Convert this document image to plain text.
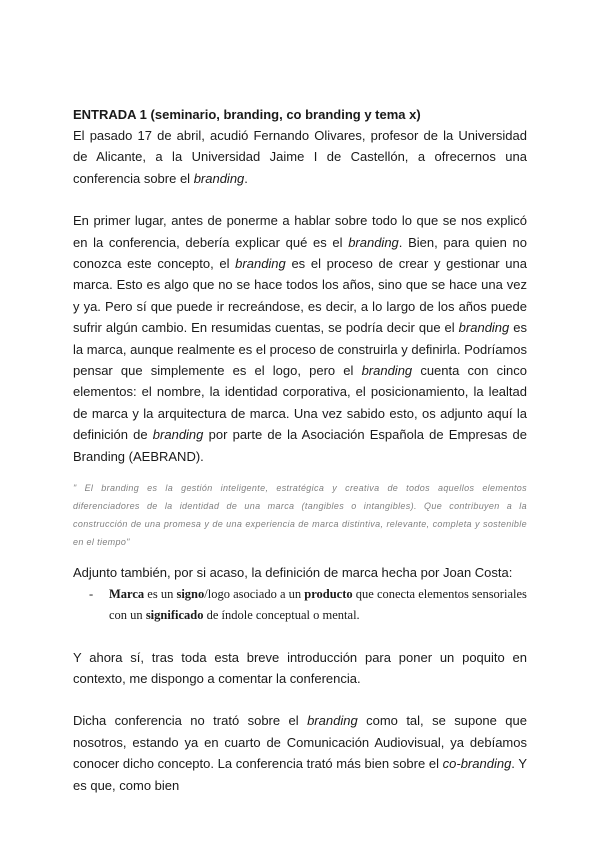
ENTRADA 1 (seminario, branding, co branding y tema x)

El pasado 17 de abril, acudió Fernando Olivares, profesor de la Universidad de Alicante, a la Universidad Jaime I de Castellón, a ofrecernos una conferencia sobre el branding.

En primer lugar, antes de ponerme a hablar sobre todo lo que se nos explicó en la conferencia, debería explicar qué es el branding. Bien, para quien no conozca este concepto, el branding es el proceso de crear y gestionar una marca. Esto es algo que no se hace todos los años, sino que se hace una vez y ya. Pero sí que puede ir recreándose, es decir, a lo largo de los años puede sufrir algún cambio. En resumidas cuentas, se podría decir que el branding es la marca, aunque realmente es el proceso de construirla y definirla. Podríamos pensar que simplemente es el logo, pero el branding cuenta con cinco elementos: el nombre, la identidad corporativa, el posicionamiento, la lealtad de marca y la arquitectura de marca. Una vez sabido esto, os adjunto aquí la definición de branding por parte de la Asociación Española de Empresas de Branding (AEBRAND).

" El branding es la gestión inteligente, estratégica y creativa de todos aquellos elementos diferenciadores de la identidad de una marca (tangibles o intangibles). Que contribuyen a la construcción de una promesa y de una experiencia de marca distintiva, relevante, completa y sostenible en el tiempo"

Adjunto también, por si acaso, la definición de marca hecha por Joan Costa:

- Marca es un signo/logo asociado a un producto que conecta elementos sensoriales con un significado de índole conceptual o mental.

Y ahora sí, tras toda esta breve introducción para poner un poquito en contexto, me dispongo a comentar la conferencia.

Dicha conferencia no trató sobre el branding como tal, se supone que nosotros, estando ya en cuarto de Comunicación Audiovisual, ya debíamos conocer dicho concepto. La conferencia trató más bien sobre el co-branding. Y es que, como bien
